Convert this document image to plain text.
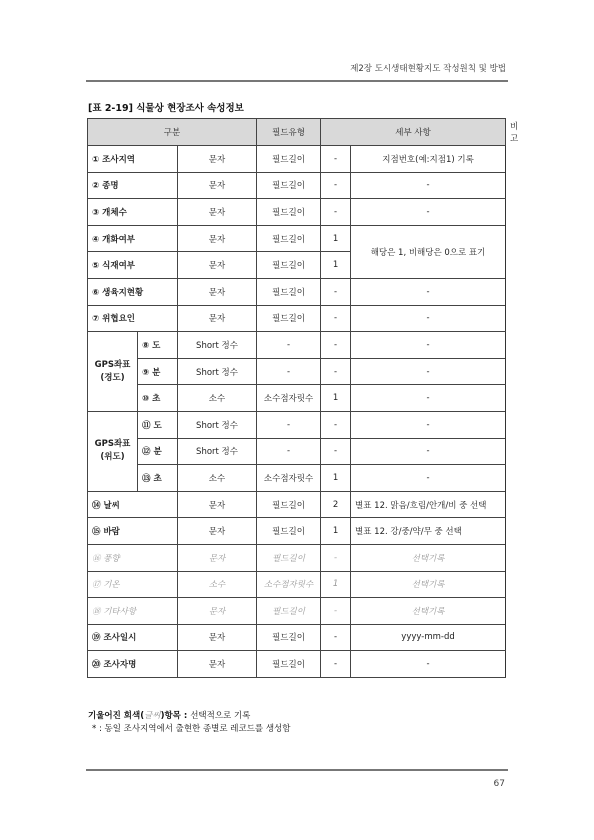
제2장 도시생태현황지도 작성원칙 및 방법
[표 2-19] 식물상 현장조사 속성정보
구분			필드유형	세부 사항		비고
① 조사지역		문자	필드길이	-	지점번호(예:지점1) 기록	
② 종명		문자	필드길이	-	-	
③ 개체수		문자	필드길이	-	-	
④ 개화여부		문자	필드길이	1	해당은 1, 비해당은 0으로 표기	
⑤ 식재여부		문자	필드길이	1		
⑥ 생육지현황		문자	필드길이	-	-	
⑦ 위협요인		문자	필드길이	-	-	
GPS좌표
(경도)	⑧ 도	Short 정수	-	-	-	
	⑨ 분	Short 정수	-	-	-	
	⑩ 초	소수	소수점자릿수	1	-	
GPS좌표
(위도)	⑪ 도	Short 정수	-	-	-	
	⑫ 분	Short 정수	-	-	-	
	⑬ 초	소수	소수점자릿수	1	-	
⑭ 날씨		문자	필드길이	2	별표 12. 맑음/흐림/안개/비 중 선택	
⑮ 바람		문자	필드길이	1	별표 12. 강/중/약/무 중 선택	
⑯ 풍향		문자	필드길이	-	선택기록	
⑰ 기온		소수	소수점자릿수	1	선택기록	
⑱ 기타사항		문자	필드길이	-	선택기록	
⑲ 조사일시		문자	필드길이	-	yyyy-mm-dd	
⑳ 조사자명		문자	필드길이	-	-	
기울어진 회색(글씨)항목 : 선택적으로 기록
* : 동일 조사지역에서 출현한 종별로 레코드를 생성함
67
